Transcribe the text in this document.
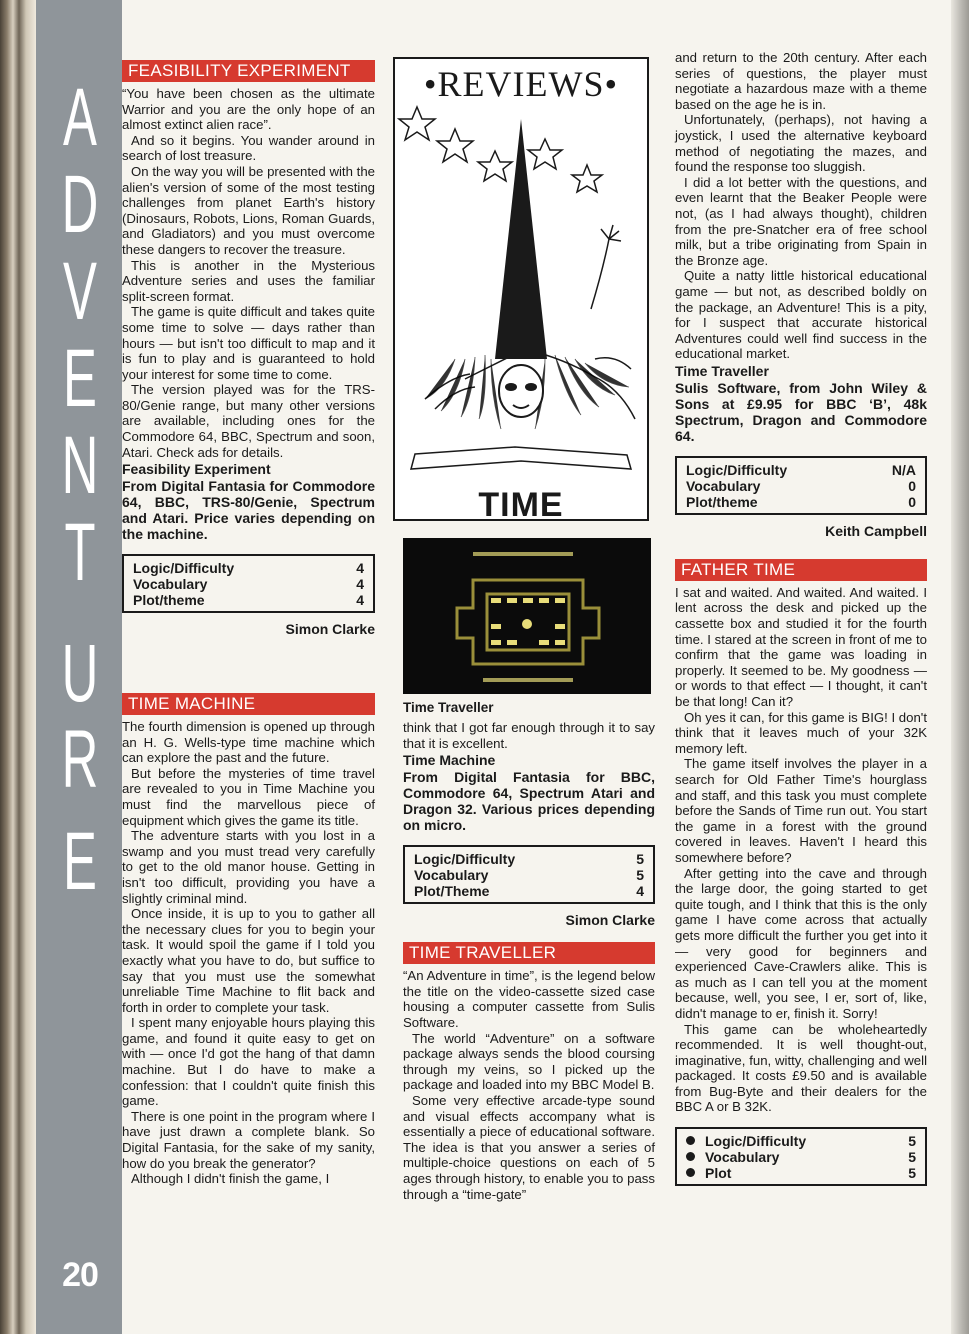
A
D
V
E
N
T
U
R
E
20
FEASIBILITY EXPERIMENT

“You have been chosen as the ultimate Warrior and you are the only hope of an almost extinct alien race”.

And so it begins. You wander around in search of lost treasure.

On the way you will be presented with the alien's version of some of the most testing challenges from planet Earth's history (Dinosaurs, Robots, Lions, Roman Guards, and Gladiators) and you must overcome these dangers to recover the treasure.

This is another in the Mysterious Adventure series and uses the familiar split-screen format.

The game is quite difficult and takes quite some time to solve — days rather than hours — but isn't too difficult to map and it is fun to play and is guaranteed to hold your interest for some time to come.

The version played was for the TRS-80/Genie range, but many other versions are available, including ones for the Commodore 64, BBC, Spectrum and soon, Atari. Check ads for details.

Feasibility Experiment
From Digital Fantasia for Commodore 64, BBC, TRS-80/Genie, Spectrum and Atari. Price varies depending on the machine.
Logic/Difficulty	4
Vocabulary	4
Plot/theme	4
Simon Clarke
TIME MACHINE

The fourth dimension is opened up through an H. G. Wells-type time machine which can explore the past and the future.

But before the mysteries of time travel are revealed to you in Time Machine you must find the marvellous piece of equipment which gives the game its title.

The adventure starts with you lost in a swamp and you must tread very carefully to get to the old manor house. Getting in isn't too difficult, providing you have a slightly criminal mind.

Once inside, it is up to you to gather all the necessary clues for you to begin your task. It would spoil the game if I told you exactly what you have to do, but suffice to say that you must use the somewhat unreliable Time Machine to flit back and forth in order to complete your task.

I spent many enjoyable hours playing this game, and found it quite easy to get on with — once I'd got the hang of that damn machine. But I do have to make a confession: that I couldn't quite finish this game.

There is one point in the program where I have just drawn a complete blank. So Digital Fantasia, for the sake of my sanity, how do you break the generator?

Although I didn't finish the game, I

•REVIEWS•
TIME
Time Traveller

think that I got far enough through it to say that it is excellent.

Time Machine
From Digital Fantasia for BBC, Commodore 64, Spectrum Atari and Dragon 32. Various prices depending on micro.
Logic/Difficulty	5
Vocabulary	5
Plot/Theme	4
Simon Clarke
TIME TRAVELLER

“An Adventure in time”, is the legend below the title on the video-cassette sized case housing a computer cassette from Sulis Software.

The world “Adventure” on a software package always sends the blood coursing through my veins, so I picked up the package and loaded into my BBC Model B.

Some very effective arcade-type sound and visual effects accompany what is essentially a piece of educational software. The idea is that you answer a series of multiple-choice questions on each of 5 ages through history, to enable you to pass through a “time-gate”

and return to the 20th century. After each series of questions, the player must negotiate a hazardous maze with a theme based on the age he is in.

Unfortunately, (perhaps), not having a joystick, I used the alternative keyboard method of negotiating the mazes, and found the response too sluggish.

I did a lot better with the questions, and even learnt that the Beaker People were not, (as I had always thought), children from the pre-Snatcher era of free school milk, but a tribe originating from Spain in the Bronze age.

Quite a natty little historical educational game — but not, as described boldly on the package, an Adventure! This is a pity, for I suspect that accurate historical Adventures could well find success in the educational market.

Time Traveller
Sulis Software, from John Wiley & Sons at £9.95 for BBC ‘B’, 48k Spectrum, Dragon and Commodore 64.
Logic/Difficulty	N/A
Vocabulary	0
Plot/theme	0
Keith Campbell
FATHER TIME

I sat and waited. And waited. And waited. I lent across the desk and picked up the cassette box and studied it for the fourth time. I stared at the screen in front of me to confirm that the game was loading in properly. It seemed to be. My goodness — or words to that effect — I thought, it can't be that long! Can it?

Oh yes it can, for this game is BIG! I don't think that it leaves much of your 32K memory left.

The game itself involves the player in a search for Old Father Time's hourglass and staff, and this task you must complete before the Sands of Time run out. You start the game in a forest with the ground covered in leaves. Haven't I heard this somewhere before?

After getting into the cave and through the large door, the going started to get quite tough, and I think that this is the only game I have come across that actually gets more difficult the further you get into it — very good for beginners and experienced Cave-Crawlers alike. This is as much as I can tell you at the moment because, well, you see, I er, sort of, like, didn't manage to er, finish it. Sorry!

This game can be wholeheartedly recommended. It is well thought-out, imaginative, fun, witty, challenging and well packaged. It costs £9.50 and is available from Bug-Byte and their dealers for the BBC A or B 32K.

Logic/Difficulty	5
Vocabulary	5
Plot	5
